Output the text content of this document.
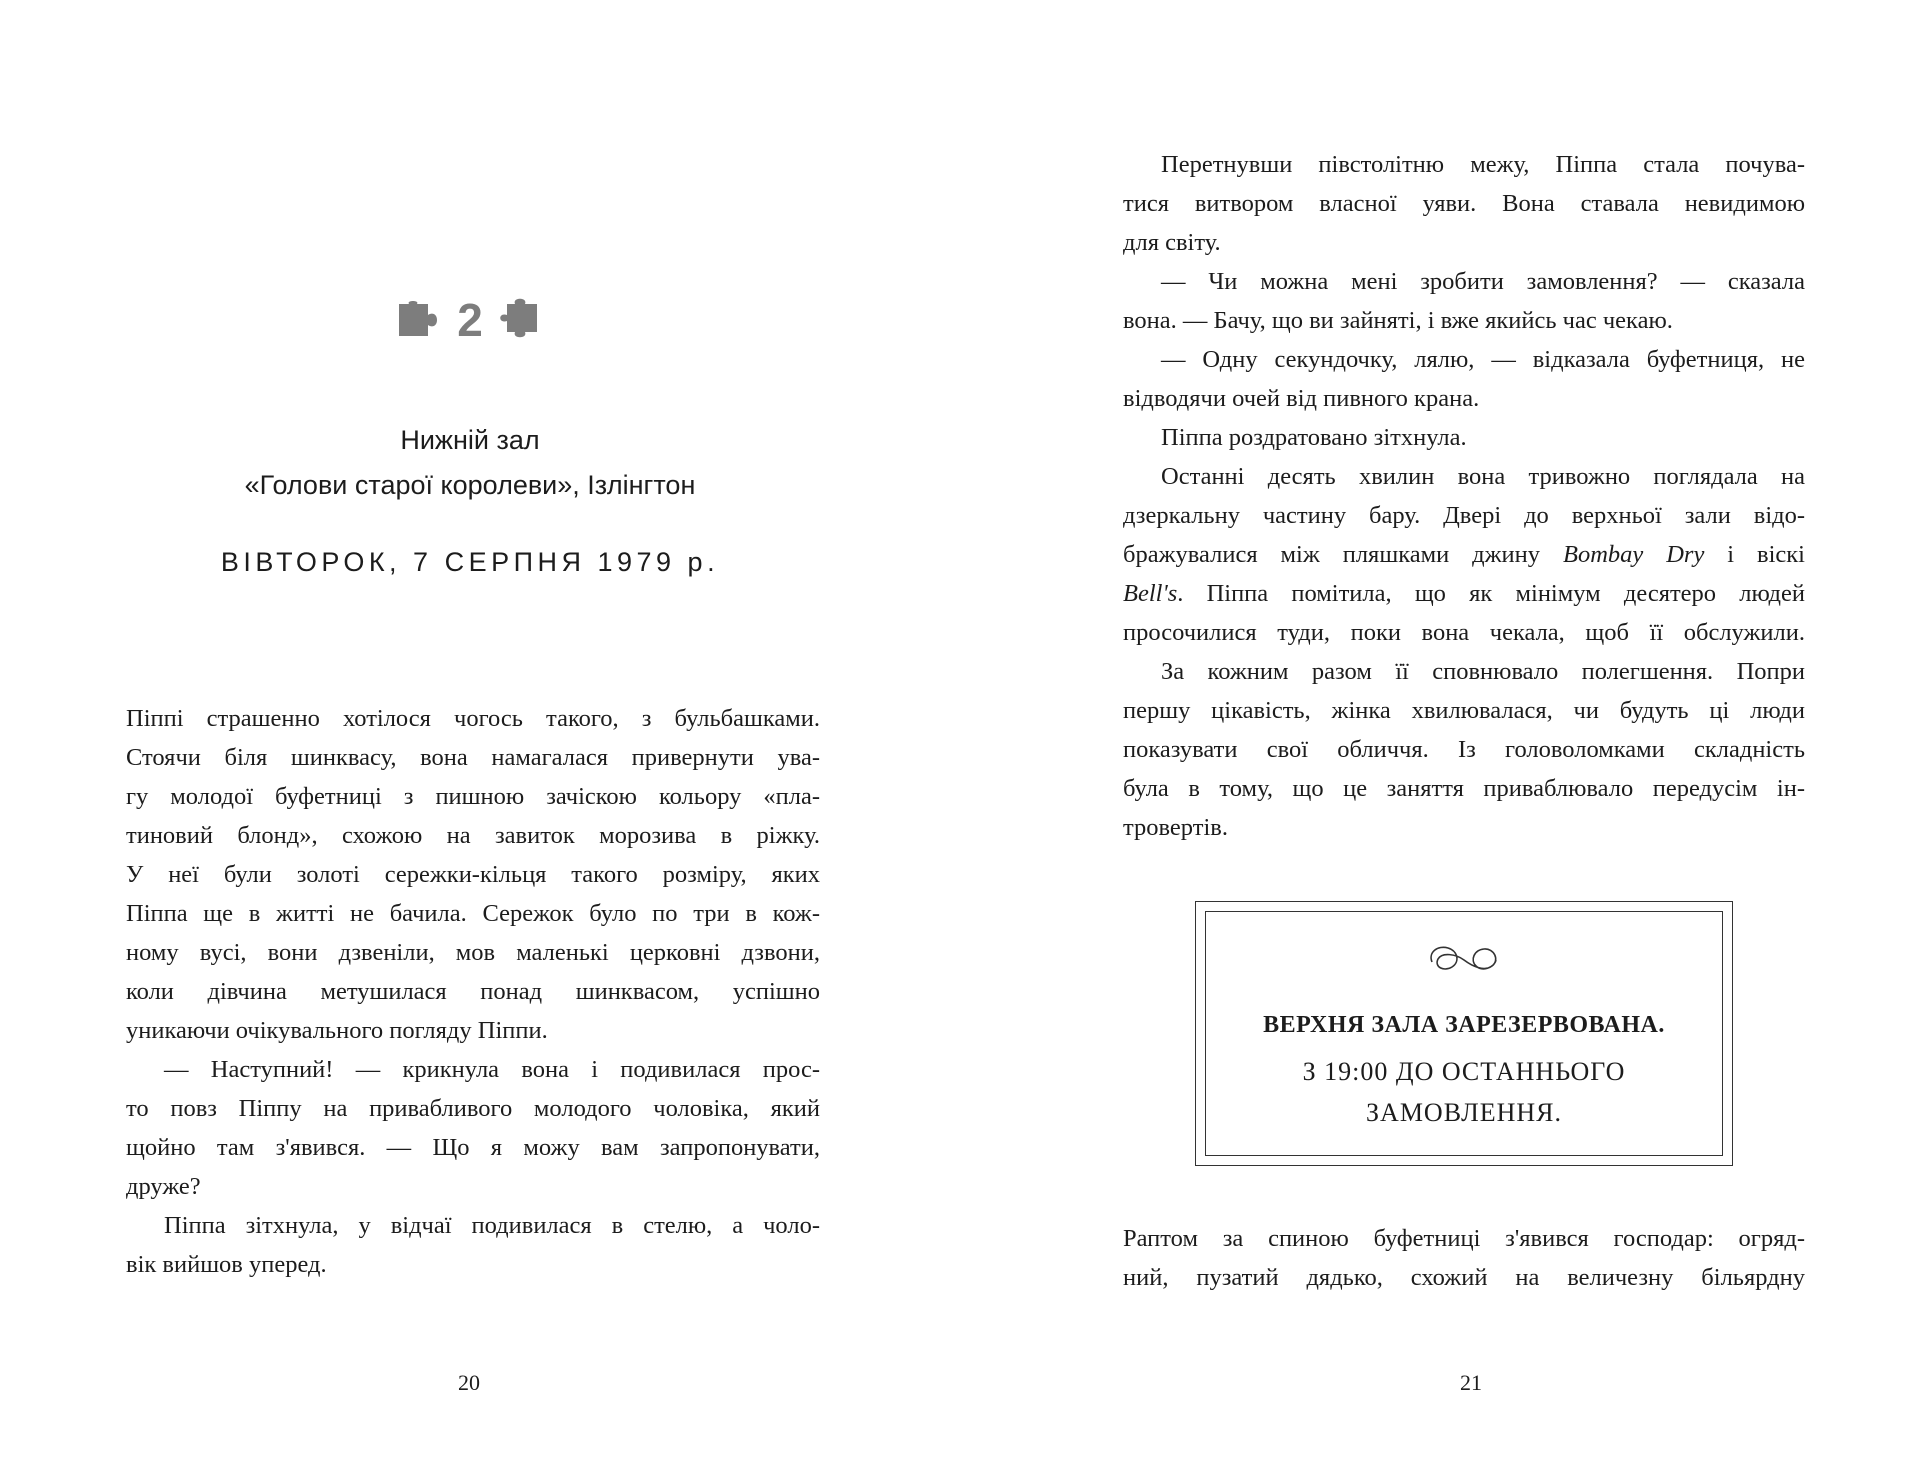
2
Нижній зал
«Голови старої королеви», Ізлінгтон
ВІВТОРОК, 7 СЕРПНЯ 1979 р.
Піппі страшенно хотілося чогось такого, з бульбашками.
Стоячи біля шинквасу, вона намагалася привернути ува-
гу молодої буфетниці з пишною зачіскою кольору «пла-
тиновий блонд», схожою на завиток морозива в ріжку.
У неї були золоті сережки-кільця такого розміру, яких
Піппа ще в житті не бачила. Сережок було по три в кож-
ному вусі, вони дзвеніли, мов маленькі церковні дзвони,
коли дівчина метушилася понад шинквасом, успішно
уникаючи очікувального погляду Піппи.
— Наступний! — крикнула вона і подивилася прос-
то повз Піппу на привабливого молодого чоловіка, який
щойно там з'явився. — Що я можу вам запропонувати,
друже?
Піппа зітхнула, у відчаї подивилася в стелю, а чоло-
вік вийшов уперед.
20
Перетнувши півстолітню межу, Піппа стала почува-
тися витвором власної уяви. Вона ставала невидимою
для світу.
— Чи можна мені зробити замовлення? — сказала
вона. — Бачу, що ви зайняті, і вже якийсь час чекаю.
— Одну секундочку, лялю, — відказала буфетниця, не
відводячи очей від пивного крана.
Піппа роздратовано зітхнула.
Останні десять хвилин вона тривожно поглядала на
дзеркальну частину бару. Двері до верхньої зали відо-
бражувалися між пляшками джину Bombay Dry і віскі
Bell's. Піппа помітила, що як мінімум десятеро людей
просочилися туди, поки вона чекала, щоб її обслужили.
За кожним разом її сповнювало полегшення. Попри
першу цікавість, жінка хвилювалася, чи будуть ці люди
показувати свої обличчя. Із головоломками складність
була в тому, що це заняття приваблювало передусім ін-
тровертів.
ВЕРХНЯ ЗАЛА ЗАРЕЗЕРВОВАНА.
З 19:00 ДО ОСТАННЬОГО
ЗАМОВЛЕННЯ.
Раптом за спиною буфетниці з'явився господар: огряд-
ний, пузатий дядько, схожий на величезну більярдну
21
